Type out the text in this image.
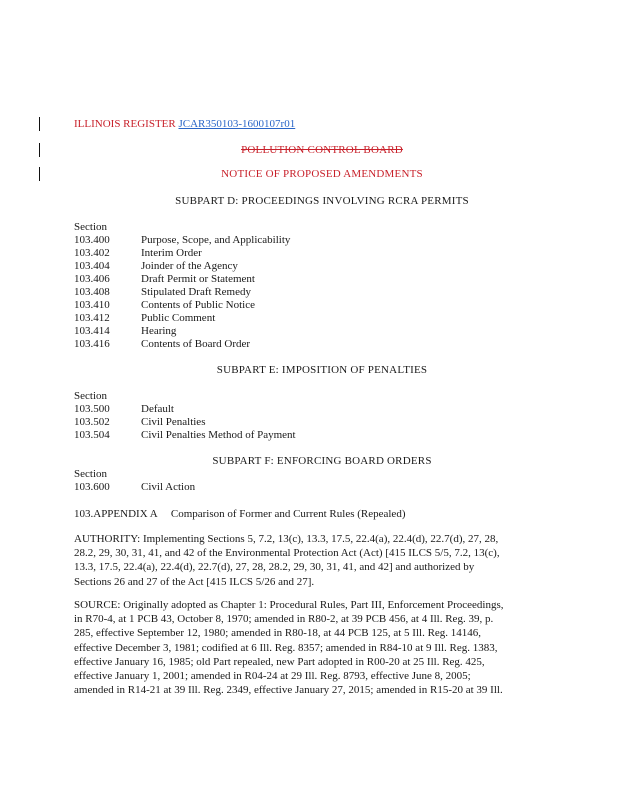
ILLINOIS REGISTER JCAR350103-1600107r01
POLLUTION CONTROL BOARD
NOTICE OF PROPOSED AMENDMENTS
SUBPART D: PROCEEDINGS INVOLVING RCRA PERMITS
Section
103.400	Purpose, Scope, and Applicability
103.402	Interim Order
103.404	Joinder of the Agency
103.406	Draft Permit or Statement
103.408	Stipulated Draft Remedy
103.410	Contents of Public Notice
103.412	Public Comment
103.414	Hearing
103.416	Contents of Board Order
SUBPART E: IMPOSITION OF PENALTIES
Section
103.500	Default
103.502	Civil Penalties
103.504	Civil Penalties Method of Payment
SUBPART F: ENFORCING BOARD ORDERS
Section
103.600	Civil Action
103.APPENDIX A     Comparison of Former and Current Rules (Repealed)
AUTHORITY: Implementing Sections 5, 7.2, 13(c), 13.3, 17.5, 22.4(a), 22.4(d), 22.7(d), 27, 28, 28.2, 29, 30, 31, 41, and 42 of the Environmental Protection Act (Act) [415 ILCS 5/5, 7.2, 13(c), 13.3, 17.5, 22.4(a), 22.4(d), 22.7(d), 27, 28, 28.2, 29, 30, 31, 41, and 42] and authorized by Sections 26 and 27 of the Act [415 ILCS 5/26 and 27].
SOURCE: Originally adopted as Chapter 1: Procedural Rules, Part III, Enforcement Proceedings, in R70-4, at 1 PCB 43, October 8, 1970; amended in R80-2, at 39 PCB 456, at 4 Ill. Reg. 39, p. 285, effective September 12, 1980; amended in R80-18, at 44 PCB 125, at 5 Ill. Reg. 14146, effective December 3, 1981; codified at 6 Ill. Reg. 8357; amended in R84-10 at 9 Ill. Reg. 1383, effective January 16, 1985; old Part repealed, new Part adopted in R00-20 at 25 Ill. Reg. 425, effective January 1, 2001; amended in R04-24 at 29 Ill. Reg. 8793, effective June 8, 2005; amended in R14-21 at 39 Ill. Reg. 2349, effective January 27, 2015; amended in R15-20 at 39 Ill.
